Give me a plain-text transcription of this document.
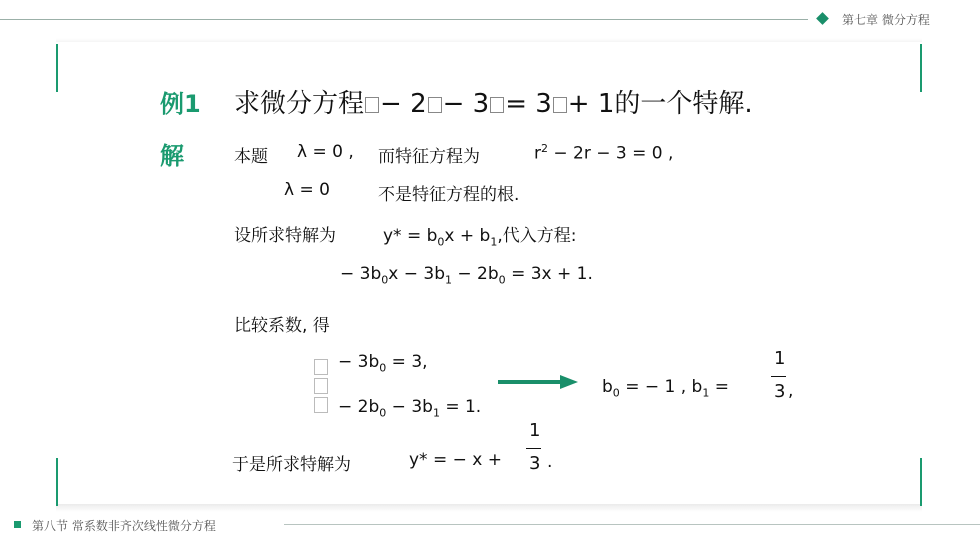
第七章 微分方程
例1 求微分方程 − 2 − 3 = 3 + 1的一个特解.
解	本题 λ = 0 , 而特征方程为	$r^2 - 2r - 3 = 0$ ,
λ = 0	不是特征方程的根.
设所求特解为	$y* = b_0x + b_1$,代入方程:
− $3b_0x - 3b_1 - 2b_0 = 3x + 1$.
比较系数, 得
− $3b_0 = 3$,
− $2b_0 - 3b_1 = 1$.
$b_0$ = − 1 , $b_1$ =
1
3 ,
于是所求特解为	y* = − x +
1
3 .
第八节 常系数非齐次线性微分方程
